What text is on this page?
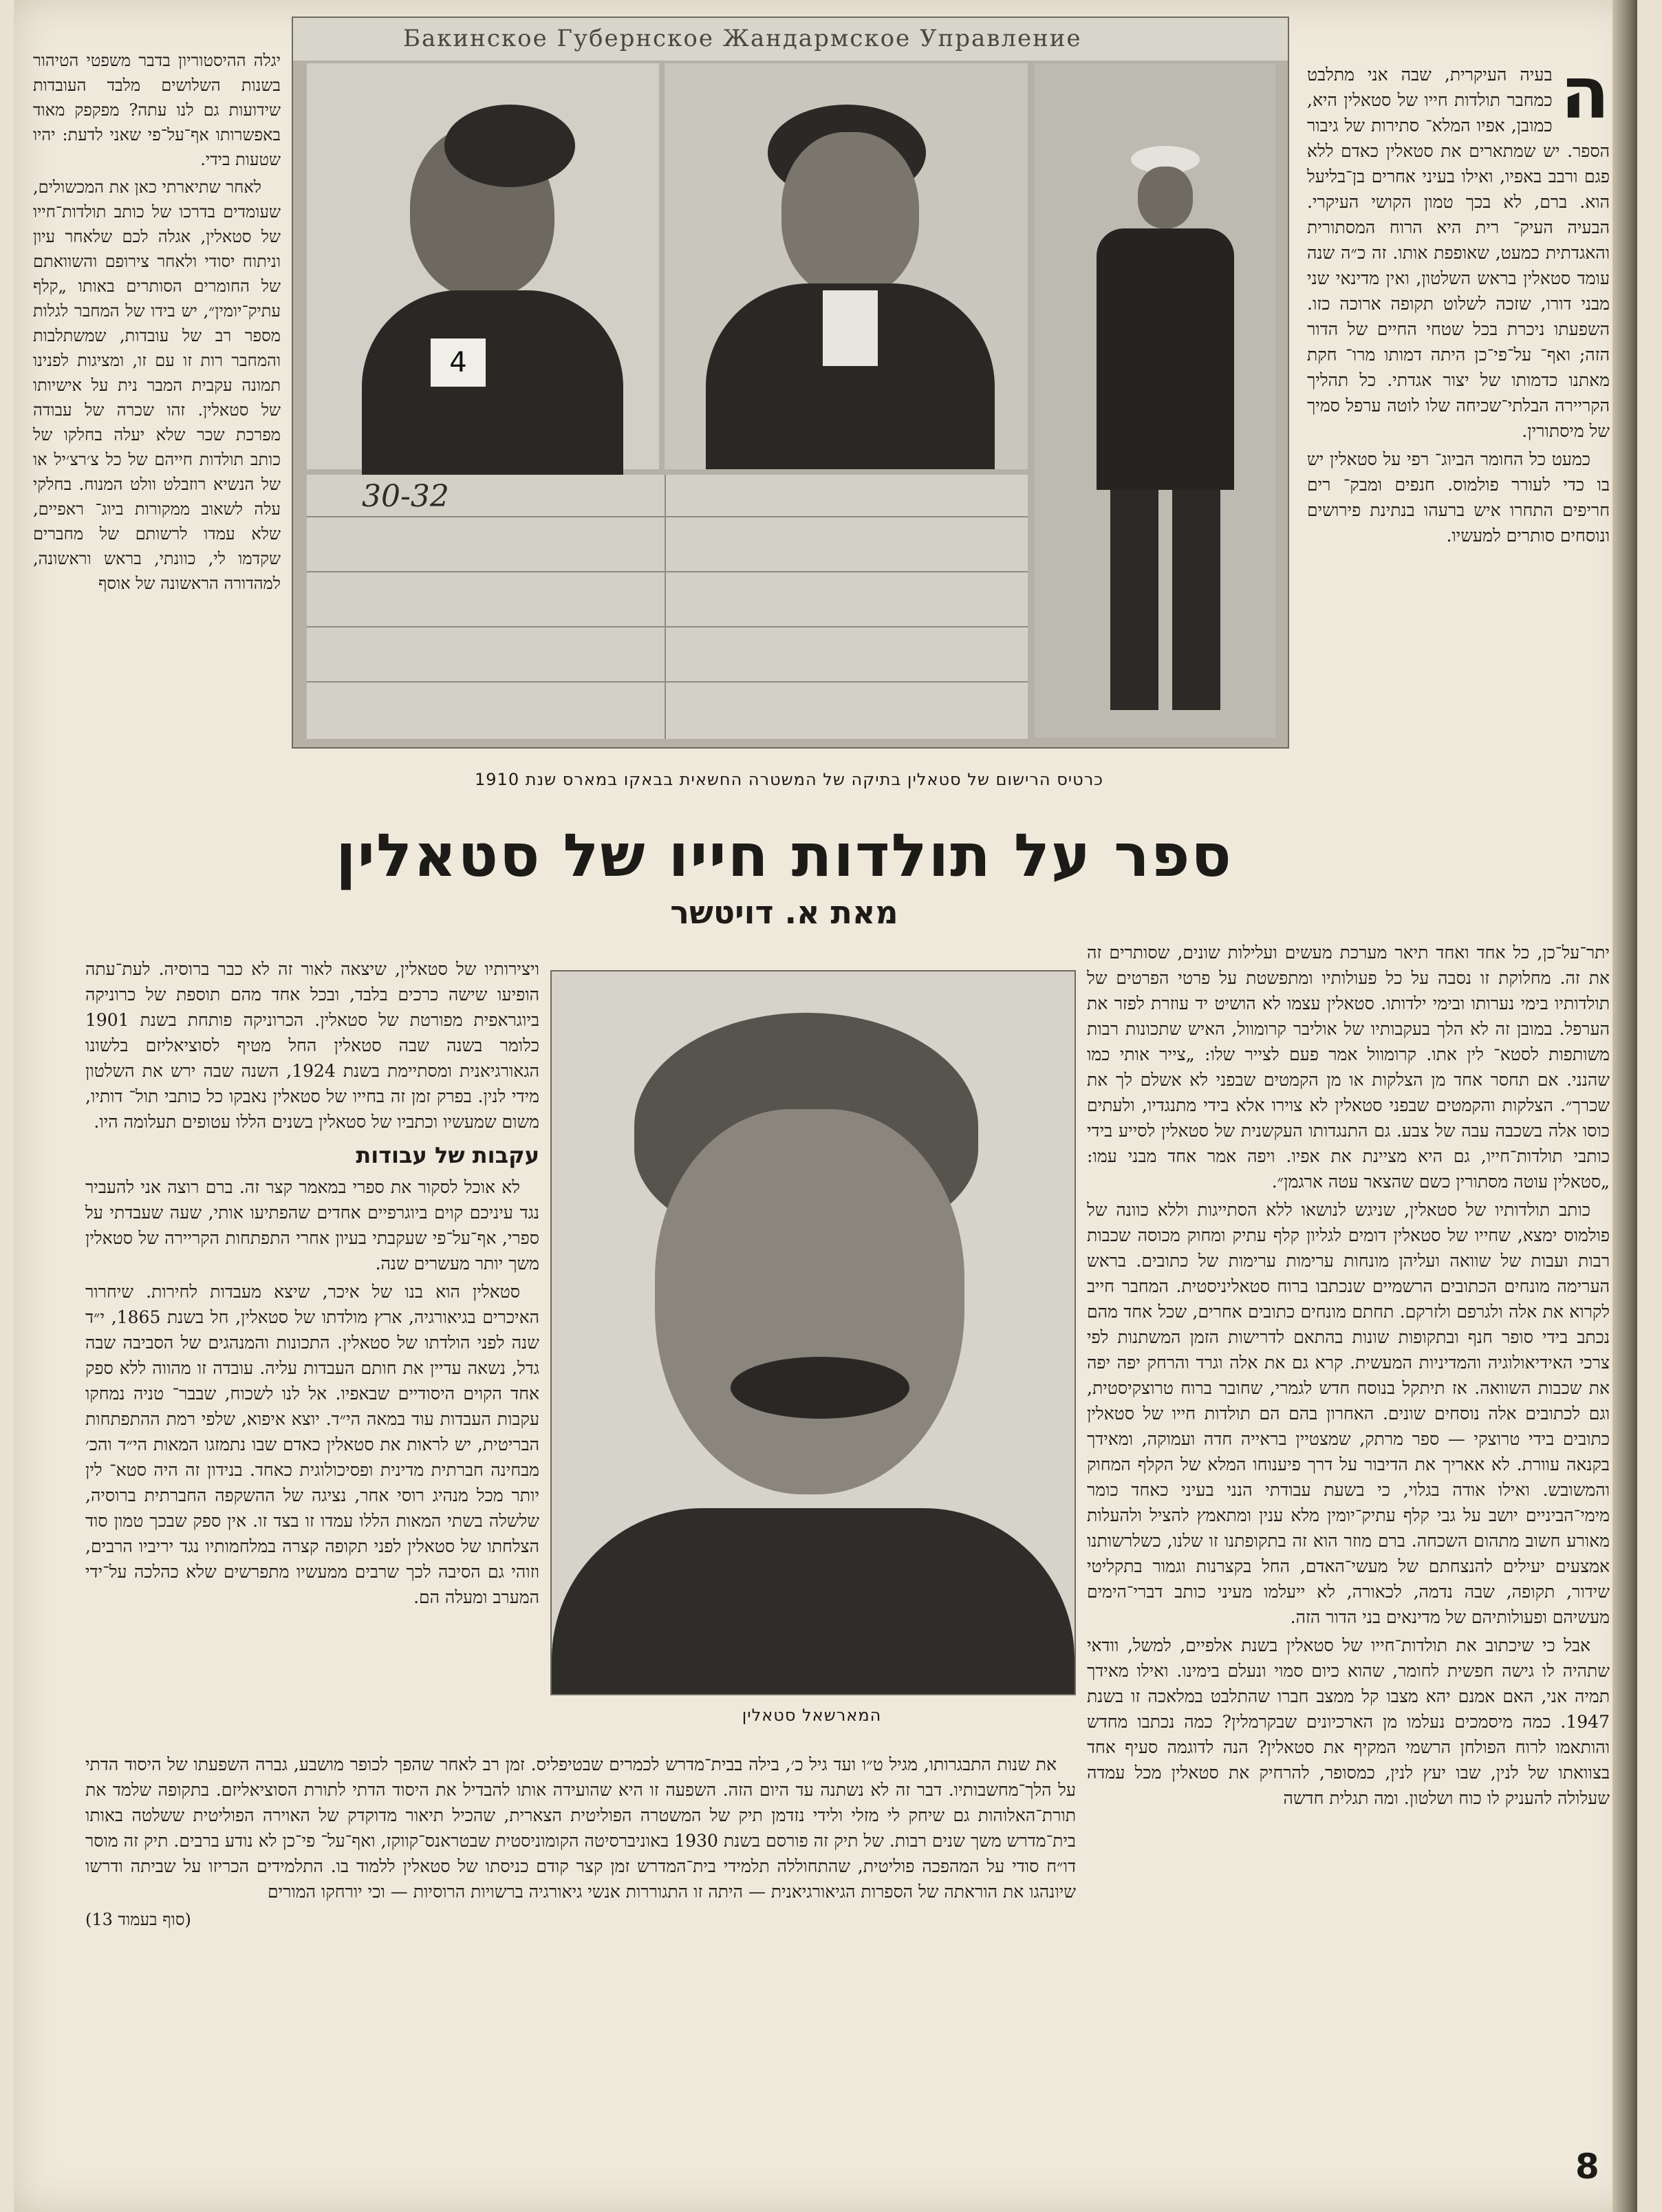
Бакинское Губернское Жандармское Управление
4
30-32
כרטיס הרישום של סטאלין בתיקה של המשטרה החשאית בבאקו במארס שנת 1910
ספר על תולדות חייו של סטאלין
מאת א. דויטשר
המארשאל סטאלין

ה
בעיה העיקרית, שבה אני מתלבט כמחבר תולדות חייו של סטאלין היא, כמובן, אפיו המלא־ סתירות של גיבור הספר. יש שמתארים את סטאלין כאדם ללא פגם ורבב באפיו, ואילו בעיני אחרים בן־בליעל הוא. ברם, לא בכך טמון הקושי העיקרי. הבעיה העיק־ רית היא הרוח המסתורית והאגדתית כמעט, שאופפת אותו. זה כ״ה שנה עומד סטאלין בראש השלטון, ואין מדינאי שני מבני דורו, שזכה לשלוט תקופה ארוכה כזו. השפעתו ניכרת בכל שטחי החיים של הדור הזה; ואף־ על־פי־כן היתה דמותו מרו־ חקת מאתנו כדמותו של יצור אגדתי. כל תהליך הקריירה הבלתי־שכיחה שלו לוטה ערפל סמיך של מיסתורין.

כמעט כל החומר הביוג־ רפי על סטאלין יש בו כדי לעורר פולמוס. חנפים ומבק־ רים חריפים התחרו איש ברעהו בנתינת פירושים ונוסחים סותרים למעשיו.

יתר־על־כן, כל אחד ואחד תיאר מערכת מעשים ועלילות שונים, שסותרים זה את זה. מחלוקת זו נסבה על כל פעולותיו ומתפשטת על פרטי הפרטים של תולדותיו בימי נערותו ובימי ילדותו. סטאלין עצמו לא הושיט יד עוזרת לפזר את הערפל. במובן זה לא הלך בעקבותיו של אוליבר קרומוול, האיש שתכונות רבות משותפות לסטא־ לין אתו. קרומוול אמר פעם לצייר שלו: „צייר אותי כמו שהנני. אם תחסר אחד מן הצלקות או מן הקמטים שבפני לא אשלם לך את שכרך״. הצלקות והקמטים שבפני סטאלין לא צוירו אלא בידי מתנגדיו, ולעתים כוסו אלה בשכבה עבה של צבע. גם התנגדותו העקשנית של סטאלין לסייע בידי כותבי תולדות־חייו, גם היא מציינת את אפיו. ויפה אמר אחד מבני עמו: „סטאלין עוטה מסתורין כשם שהצאר עטה ארגמן״.

כותב תולדותיו של סטאלין, שניגש לנושאו ללא הסתייגות וללא כוונה של פולמוס ימצא, שחייו של סטאלין דומים לגליון קלף עתיק ומחוק מכוסה שכבות רבות ועבות של שוואה ועליהן מונחות ערימות ערימות של כתובים. בראש הערימה מונחים הכתובים הרשמיים שנכתבו ברוח סטאליניסטית. המחבר חייב לקרוא את אלה ולגרפם ולזרקם. תחתם מונחים כתובים אחרים, שכל אחד מהם נכתב בידי סופר חנף ובתקופות שונות בהתאם לדרישות הזמן המשתנות לפי צרכי האידיאולוגיה והמדיניות המעשית. קרא גם את אלה וגרד והרחק יפה יפה את שכבות השוואה. אז תיתקל בנוסח חדש לגמרי, שחובר ברוח טרוצקיסטית, וגם לכתובים אלה נוסחים שונים. האחרון בהם הם תולדות חייו של סטאלין כתובים בידי טרוצקי — ספר מרתק, שמצטיין בראייה חדה ועמוקה, ומאידך בקנאה עוורת. לא אאריך את הדיבור על דרך פיענוחו המלא של הקלף המחוק והמשובש. ואילו אודה בגלוי, כי בשעת עבודתי הנני בעיני כאחד כומר מימי־הביניים יושב על גבי קלף עתיק־יומין מלא ענין ומתאמץ להציל ולהעלות מאורע חשוב מתהום השכחה. ברם מוזר הוא זה בתקופתנו זו שלנו, כשלרשותנו אמצעים יעילים להנצחתם של מעשי־האדם, החל בקצרנות וגמור בתקליטי שידור, תקופה, שבה נדמה, לכאורה, לא ייעלמו מעיני כותב דברי־הימים מעשיהם ופעולותיהם של מדינאים בני הדור הזה.

אבל כי שיכתוב את תולדות־חייו של סטאלין בשנת אלפיים, למשל, וודאי שתהיה לו גישה חפשית לחומר, שהוא כיום סמוי ונעלם בימינו. ואילו מאידך תמיה אני, האם אמנם יהא מצבו קל ממצב חברו שהתלבט במלאכה זו בשנת 1947. כמה מיסמכים נעלמו מן הארכיונים שבקרמלין? כמה נכתבו מחדש והותאמו לרוח הפולחן הרשמי המקיף את סטאלין? הנה לדוגמה סעיף אחד בצוואתו של לנין, שבו יעץ לנין, כמסופר, להרחיק את סטאלין מכל עמדה שעלולה להעניק לו כוח ושלטון. ומה תגלית חדשה

ויצירותיו של סטאלין, שיצאה לאור זה לא כבר ברוסיה. לעת־עתה הופיעו שישה כרכים בלבד, ובכל אחד מהם תוספת של כרוניקה ביוגראפית מפורטת של סטאלין. הכרוניקה פותחת בשנת 1901 כלומר בשנה שבה סטאלין החל מטיף לסוציאליזם בלשונו הגאורגיאנית ומסתיימת בשנת 1924, השנה שבה ירש את השלטון מידי לנין. בפרק זמן זה בחייו של סטאלין נאבקו כל כותבי תול־ דותיו, משום שמעשיו וכתביו של סטאלין בשנים הללו עטופים תעלומה היו.

עקבות של עבודות

לא אוכל לסקור את ספרי במאמר קצר זה. ברם רוצה אני להעביר נגד עיניכם קוים ביוגרפיים אחדים שהפתיעו אותי, שעה שעבדתי על ספרי, אף־על־פי שעקבתי בעיון אחרי התפתחות הקריירה של סטאלין משך יותר מעשרים שנה.

סטאלין הוא בנו של איכר, שיצא מעבדות לחירות. שיחרור האיכרים בגיאורגיה, ארץ מולדתו של סטאלין, חל בשנת 1865, י״ד שנה לפני הולדתו של סטאלין. התכונות והמנהגים של הסביבה שבה גדל, נשאה עדיין את חותם העבדות עליה. עובדה זו מהווה ללא ספק אחד הקוים היסודיים שבאפיו. אל לנו לשכוח, שבבר־ טניה נמחקו עקבות העבדות עוד במאה הי״ד. יוצא איפוא, שלפי רמת ההתפתחות הבריטית, יש לראות את סטאלין כאדם שבו נתמזגו המאות הי״ד והכ׳ מבחינה חברתית מדינית ופסיכולוגית כאחד. בנידון זה היה סטא־ לין יותר מכל מנהיג רוסי אחר, נציגה של ההשקפה החברתית ברוסיה, שלשלה בשתי המאות הללו עמדו זו בצד זו. אין ספק שבכך טמון סוד הצלחתו של סטאלין לפני תקופה קצרה במלחמותיו נגד יריביו הרבים, וזוהי גם הסיבה לכך שרבים ממעשיו מתפרשים שלא כהלכה על־ידי המערב ומעלה הם.

את שנות התבגרותו, מגיל ט״ו ועד גיל כ׳, בילה בבית־מדרש לכמרים שבטיפליס. זמן רב לאחר שהפך לכופר מושבע, גברה השפעתו של היסוד הדתי על הלך־מחשבותיו. דבר זה לא נשתנה עד היום הזה. השפעה זו היא שהועידה אותו להבדיל את היסוד הדתי לתורת הסוציאליזם. בתקופה שלמד את תורת־האלוהות גם שיחק לי מזלי ולידי נזדמן תיק של המשטרה הפוליטית הצארית, שהכיל תיאור מדוקדק של האוירה הפוליטית ששלטה באותו בית־מדרש משך שנים רבות. של תיק זה פורסם בשנת 1930 באוניברסיטה הקומוניסטית שבטראנס־קווקז, ואף־על־ פי־כן לא נודע ברבים. תיק זה מוסר דו״ח סודי על המהפכה פוליטית, שהתחוללה תלמידי בית־המדרש זמן קצר קודם כניסתו של סטאלין ללמוד בו. התלמידים הכריזו על שביתה ודרשו שיונהגו את הוראתה של הספרות הגיאורגיאנית — היתה זו התגוררות אנשי גיאורגיה ברשויות הרוסיות — וכי יורחקו המורים

(סוף בעמוד 13)

יגלה ההיסטוריון בדבר משפטי הטיהור בשנות השלושים מלבד העובדות שידועות גם לנו עתה? מפקפק מאוד באפשרותו אף־על־פי שאני לדעת: יהיו שטעות בידי.

לאחר שתיארתי כאן את המכשולים, שעומדים בדרכו של כותב תולדות־חייו של סטאלין, אגלה לכם שלאחר עיון וניתוח יסודי ולאחר צירופם והשוואתם של החומרים הסותרים באותו „קלף עתיק־יומין״, יש בידו של המחבר לגלות מספר רב של עובדות, שמשתלבות והמחבר רות זו עם זו, ומציגות לפנינו תמונה עקבית המבר נית על אישיותו של סטאלין. זהו שכרה של עבודה מפרכת שכר שלא יעלה בחלקו של כותב תולדות חייהם של כל צ׳רצ׳יל או של הנשיא רוזבלט וולט המנוח. בחלקי עלה לשאוב ממקורות ביוג־ ראפיים, שלא עמדו לרשותם של מחברים שקדמו לי, כוונתי, בראש וראשונה, למהדורה הראשונה של אוסף

8
